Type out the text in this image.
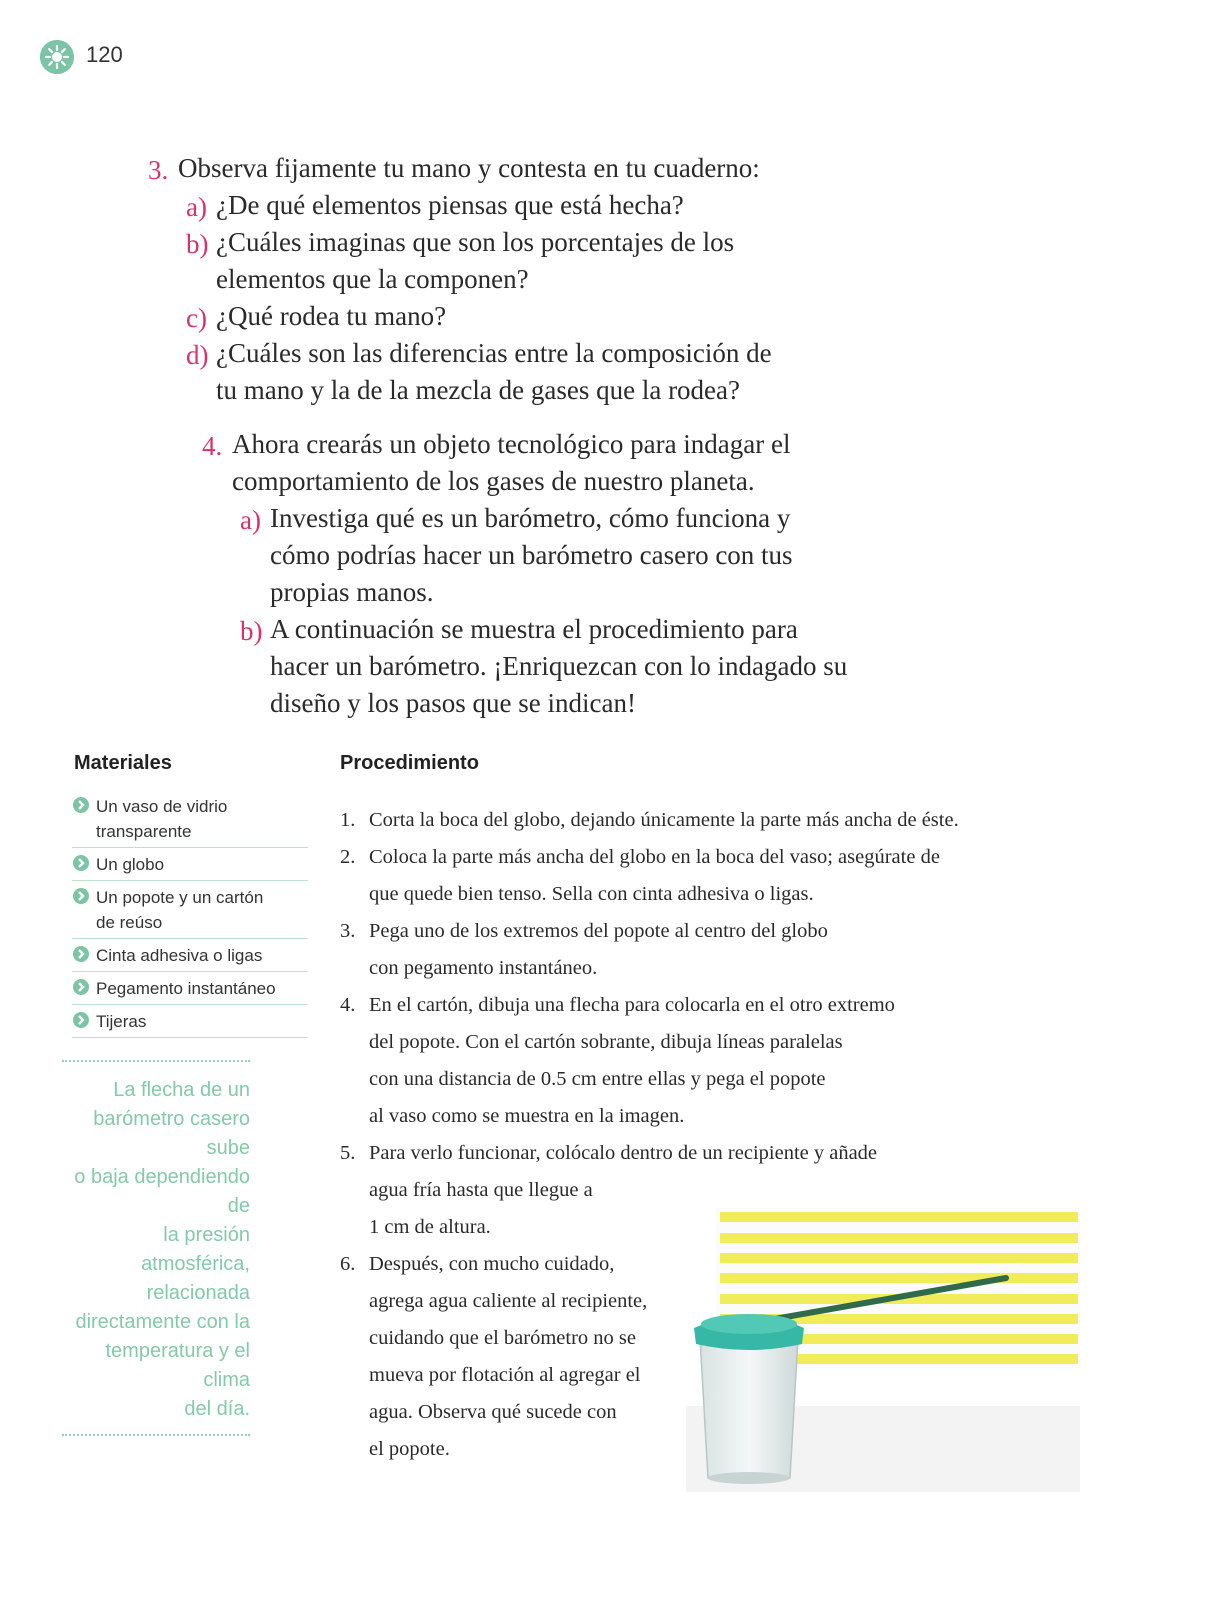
120
3. Observa fijamente tu mano y contesta en tu cuaderno:
a) ¿De qué elementos piensas que está hecha?
b) ¿Cuáles imaginas que son los porcentajes de los
elementos que la componen?
c) ¿Qué rodea tu mano?
d) ¿Cuáles son las diferencias entre la composición de
tu mano y la de la mezcla de gases que la rodea?
4. Ahora crearás un objeto tecnológico para indagar el
comportamiento de los gases de nuestro planeta.
a) Investiga qué es un barómetro, cómo funciona y
cómo podrías hacer un barómetro casero con tus
propias manos.
b) A continuación se muestra el procedimiento para
hacer un barómetro. ¡Enriquezcan con lo indagado su
diseño y los pasos que se indican!
Materiales
Un vaso de vidrio
transparente
Un globo
Un popote y un cartón
de reúso
Cinta adhesiva o ligas
Pegamento instantáneo
Tijeras
La flecha de un
barómetro casero sube
o baja dependiendo de
la presión atmosférica,
relacionada
directamente con la
temperatura y el clima
del día.
Procedimiento
1. Corta la boca del globo, dejando únicamente la parte más ancha de éste.
2. Coloca la parte más ancha del globo en la boca del vaso; asegúrate de
que quede bien tenso. Sella con cinta adhesiva o ligas.
3. Pega uno de los extremos del popote al centro del globo
con pegamento instantáneo.
4. En el cartón, dibuja una flecha para colocarla en el otro extremo
del popote. Con el cartón sobrante, dibuja líneas paralelas
con una distancia de 0.5 cm entre ellas y pega el popote
al vaso como se muestra en la imagen.
5. Para verlo funcionar, colócalo dentro de un recipiente y añade
agua fría hasta que llegue a
1 cm de altura.
6. Después, con mucho cuidado,
agrega agua caliente al recipiente,
cuidando que el barómetro no se
mueva por flotación al agregar el
agua. Observa qué sucede con
el popote.
